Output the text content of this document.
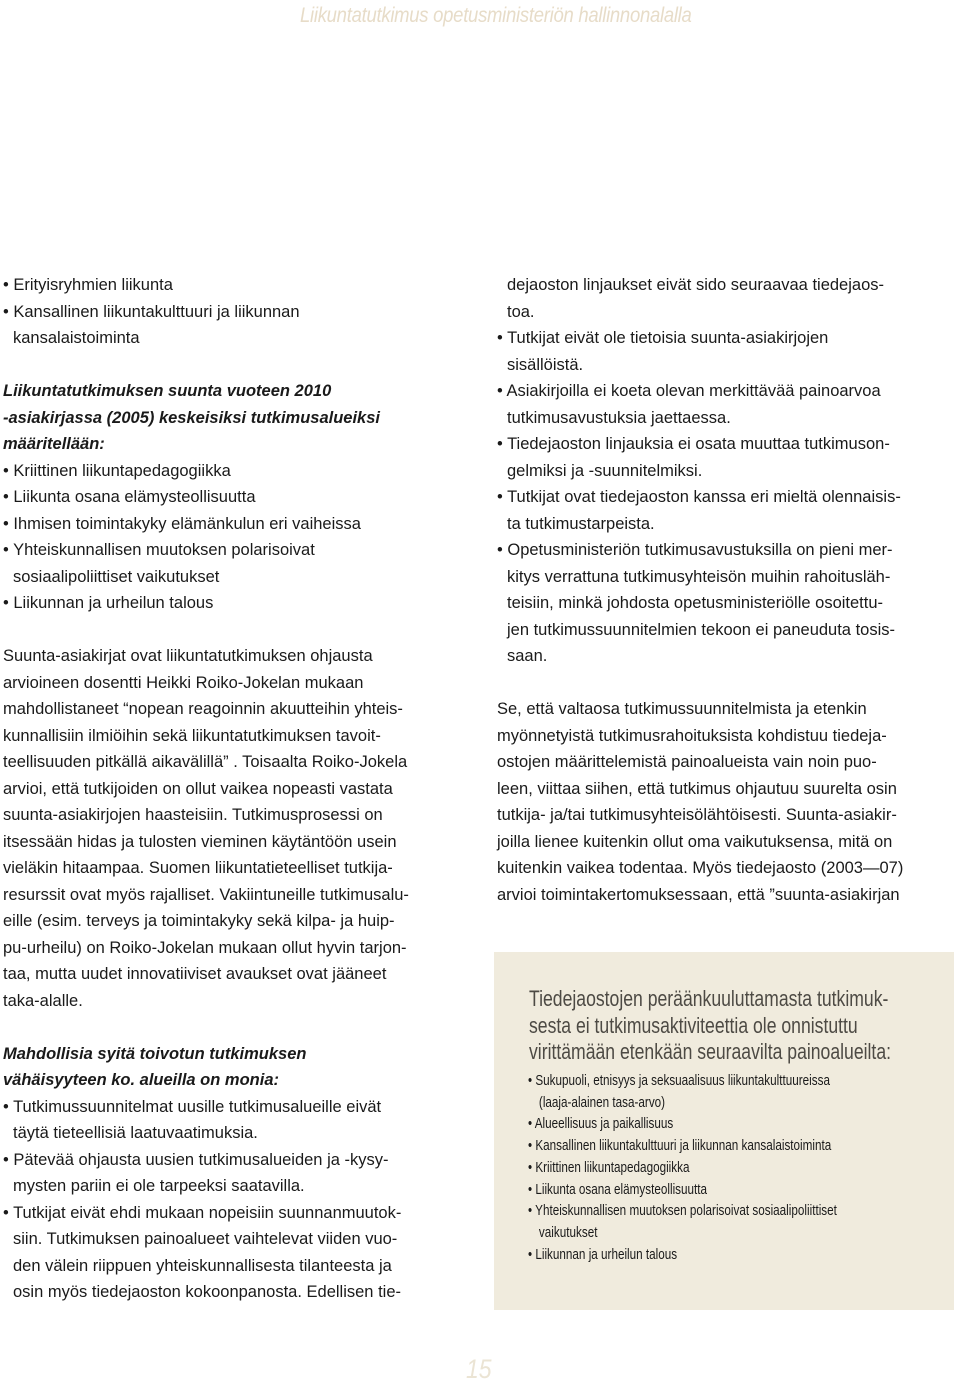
Liikuntatutkimus opetusministeriön hallinnonalalla
• Erityisryhmien liikunta
• Kansallinen liikuntakulttuuri ja liikunnan
kansalaistoiminta
Liikuntatutkimuksen suunta vuoteen 2010
-asiakirjassa (2005) keskeisiksi tutkimusalueiksi
määritellään:
• Kriittinen liikuntapedagogiikka
• Liikunta osana elämysteollisuutta
• Ihmisen toimintakyky elämänkulun eri vaiheissa
• Yhteiskunnallisen muutoksen polarisoivat
sosiaalipoliittiset vaikutukset
• Liikunnan ja urheilun talous
Suunta-asiakirjat ovat liikuntatutkimuksen ohjausta
arvioineen dosentti Heikki Roiko-Jokelan mukaan
mahdollistaneet “nopean reagoinnin akuutteihin yhteis-
kunnallisiin ilmiöihin sekä liikuntatutkimuksen tavoit-
teellisuuden pitkällä aikavälillä” . Toisaalta Roiko-Jokela
arvioi, että tutkijoiden on ollut vaikea nopeasti vastata
suunta-asiakirjojen haasteisiin. Tutkimusprosessi on
itsessään hidas ja tulosten vieminen käytäntöön usein
vieläkin hitaampaa. Suomen liikuntatieteelliset tutkija-
resurssit ovat myös rajalliset. Vakiintuneille tutkimusalu-
eille (esim. terveys ja toimintakyky sekä kilpa- ja huip-
pu-urheilu) on Roiko-Jokelan mukaan ollut hyvin tarjon-
taa, mutta uudet innovatiiviset avaukset ovat jääneet
taka-alalle.
Mahdollisia syitä toivotun tutkimuksen
vähäisyyteen ko. alueilla on monia:
• Tutkimussuunnitelmat uusille tutkimusalueille eivät
täytä tieteellisiä laatuvaatimuksia.
• Pätevää ohjausta uusien tutkimusalueiden ja -kysy-
mysten pariin ei ole tarpeeksi saatavilla.
• Tutkijat eivät ehdi mukaan nopeisiin suunnanmuutok-
siin. Tutkimuksen painoalueet vaihtelevat viiden vuo-
den välein riippuen yhteiskunnallisesta tilanteesta ja
osin myös tiedejaoston kokoonpanosta. Edellisen tie-
dejaoston linjaukset eivät sido seuraavaa tiedejaos-
toa.
• Tutkijat eivät ole tietoisia suunta-asiakirjojen
sisällöistä.
• Asiakirjoilla ei koeta olevan merkittävää painoarvoa
tutkimusavustuksia jaettaessa.
• Tiedejaoston linjauksia ei osata muuttaa tutkimuson-
gelmiksi ja -suunnitelmiksi.
• Tutkijat ovat tiedejaoston kanssa eri mieltä olennaisis-
ta tutkimustarpeista.
• Opetusministeriön tutkimusavustuksilla on pieni mer-
kitys verrattuna tutkimusyhteisön muihin rahoitusläh-
teisiin, minkä johdosta opetusministeriölle osoitettu-
jen tutkimussuunnitelmien tekoon ei paneuduta tosis-
saan.
Se, että valtaosa tutkimussuunnitelmista ja etenkin
myönnetyistä tutkimusrahoituksista kohdistuu tiedeja-
ostojen määrittelemistä painoalueista vain noin puo-
leen, viittaa siihen, että tutkimus ohjautuu suurelta osin
tutkija- ja/tai tutkimusyhteisölähtöisesti. Suunta-asiakir-
joilla lienee kuitenkin ollut oma vaikutuksensa, mitä on
kuitenkin vaikea todentaa. Myös tiedejaosto (2003—07)
arvioi toimintakertomuksessaan, että ”suunta-asiakirjan
Tiedejaostojen peräänkuuluttamasta tutkimuk-
sesta ei tutkimusaktiviteettia ole onnistuttu
virittämään etenkään seuraavilta painoalueilta:
• Sukupuoli, etnisyys ja seksuaalisuus liikuntakulttuureissa
(laaja-alainen tasa-arvo)
• Alueellisuus ja paikallisuus
• Kansallinen liikuntakulttuuri ja liikunnan kansalaistoiminta
• Kriittinen liikuntapedagogiikka
• Liikunta osana elämysteollisuutta
• Yhteiskunnallisen muutoksen polarisoivat sosiaalipoliittiset
vaikutukset
• Liikunnan ja urheilun talous
15
